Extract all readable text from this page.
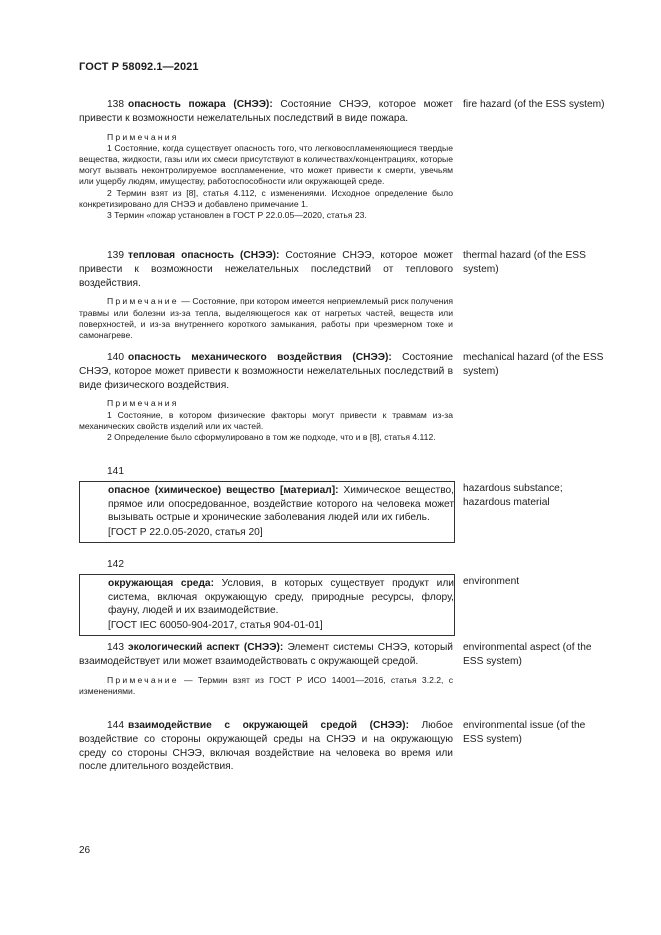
ГОСТ Р 58092.1—2021
138 опасность пожара (СНЭЭ): Состояние СНЭЭ, которое может привести к возможности нежелательных последствий в виде пожара.
fire hazard (of the ESS system)
Примечания
1 Состояние, когда существует опасность того, что легковоспламеняющиеся твердые вещества, жидкости, газы или их смеси присутствуют в количествах/концентрациях, которые могут вызвать неконтролируемое воспламенение, что может привести к смерти, увечьям или ущербу людям, имуществу, работоспособности или окружающей среде.
2 Термин взят из [8], статья 4.112, с изменениями. Исходное определение было конкретизировано для СНЭЭ и добавлено примечание 1.
3 Термин «пожар установлен в ГОСТ Р 22.0.05—2020, статья 23.
139 тепловая опасность (СНЭЭ): Состояние СНЭЭ, которое может привести к возможности нежелательных последствий от теплового воздействия.
thermal hazard (of the ESS system)
Примечание — Состояние, при котором имеется неприемлемый риск получения травмы или болезни из-за тепла, выделяющегося как от нагретых частей, веществ или поверхностей, и из-за внутреннего короткого замыкания, работы при чрезмерном токе и самонагреве.
140 опасность механического воздействия (СНЭЭ): Состояние СНЭЭ, которое может привести к возможности нежелательных последствий в виде физического воздействия.
mechanical hazard (of the ESS system)
Примечания
1 Состояние, в котором физические факторы могут привести к травмам из-за механических свойств изделий или их частей.
2 Определение было сформулировано в том же подходе, что и в [8], статья 4.112.
141
опасное (химическое) вещество [материал]: Химическое вещество, прямое или опосредованное, воздействие которого на человека может вызывать острые и хронические заболевания людей или их гибель.
[ГОСТ Р 22.0.05-2020, статья 20]
hazardous substance; hazardous material
142
окружающая среда: Условия, в которых существует продукт или система, включая окружающую среду, природные ресурсы, флору, фауну, людей и их взаимодействие.
[ГОСТ IEC 60050-904-2017, статья 904-01-01]
environment
143 экологический аспект (СНЭЭ): Элемент системы СНЭЭ, который взаимодействует или может взаимодействовать с окружающей средой.
environmental aspect (of the ESS system)
Примечание — Термин взят из ГОСТ Р ИСО 14001—2016, статья 3.2.2, с изменениями.
144 взаимодействие с окружающей средой (СНЭЭ): Любое воздействие со стороны окружающей среды на СНЭЭ и на окружающую среду со стороны СНЭЭ, включая воздействие на человека во время или после длительного воздействия.
environmental issue (of the ESS system)
26
